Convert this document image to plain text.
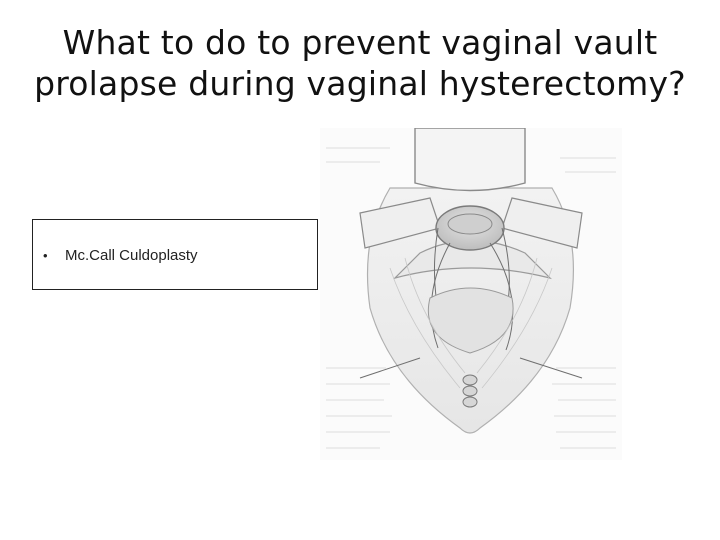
What to do to prevent vaginal vault
prolapse during vaginal hysterectomy?
•	Mc.Call Culdoplasty
